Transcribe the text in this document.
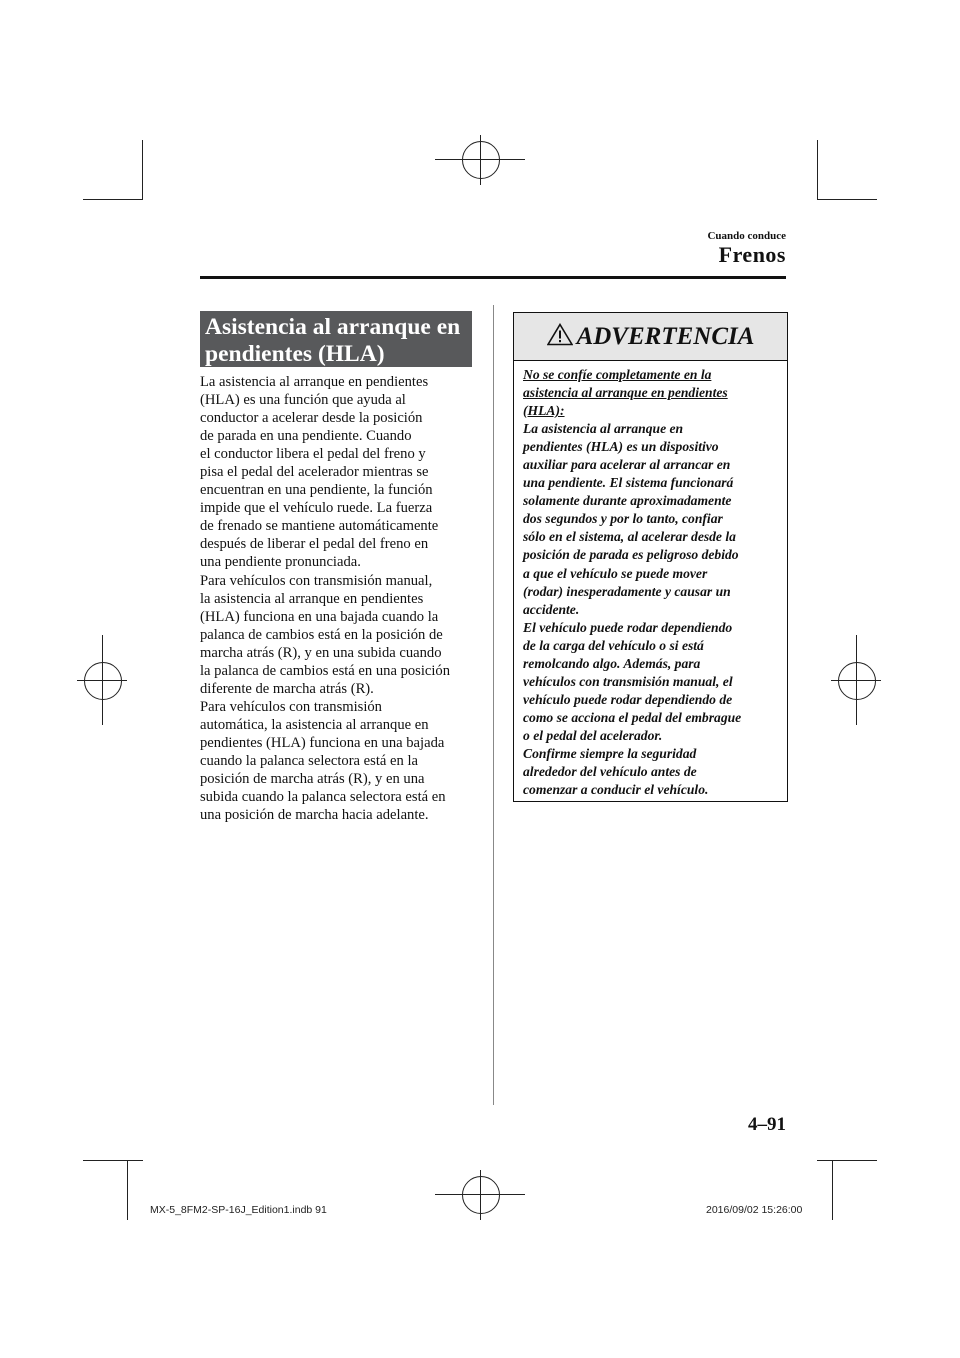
Cuando conduce
Frenos
Asistencia al arranque en
pendientes (HLA)
La asistencia al arranque en pendientes
(HLA) es una función que ayuda al
conductor a acelerar desde la posición
de parada en una pendiente. Cuando
el conductor libera el pedal del freno y
pisa el pedal del acelerador mientras se
encuentran en una pendiente, la función
impide que el vehículo ruede. La fuerza
de frenado se mantiene automáticamente
después de liberar el pedal del freno en
una pendiente pronunciada.
Para vehículos con transmisión manual,
la asistencia al arranque en pendientes
(HLA) funciona en una bajada cuando la
palanca de cambios está en la posición de
marcha atrás (R), y en una subida cuando
la palanca de cambios está en una posición
diferente de marcha atrás (R).
Para vehículos con transmisión
automática, la asistencia al arranque en
pendientes (HLA) funciona en una bajada
cuando la palanca selectora está en la
posición de marcha atrás (R), y en una
subida cuando la palanca selectora está en
una posición de marcha hacia adelante.
ADVERTENCIA
No se confíe completamente en la
asistencia al arranque en pendientes
(HLA):
La asistencia al arranque en
pendientes (HLA) es un dispositivo
auxiliar para acelerar al arrancar en
una pendiente. El sistema funcionará
solamente durante aproximadamente
dos segundos y por lo tanto, confiar
sólo en el sistema, al acelerar desde la
posición de parada es peligroso debido
a que el vehículo se puede mover
(rodar) inesperadamente y causar un
accidente.
El vehículo puede rodar dependiendo
de la carga del vehículo o si está
remolcando algo. Además, para
vehículos con transmisión manual, el
vehículo puede rodar dependiendo de
como se acciona el pedal del embrague
o el pedal del acelerador.
Confirme siempre la seguridad
alrededor del vehículo antes de
comenzar a conducir el vehículo.
4–91
MX-5_8FM2-SP-16J_Edition1.indb 91	2016/09/02 15:26:00
